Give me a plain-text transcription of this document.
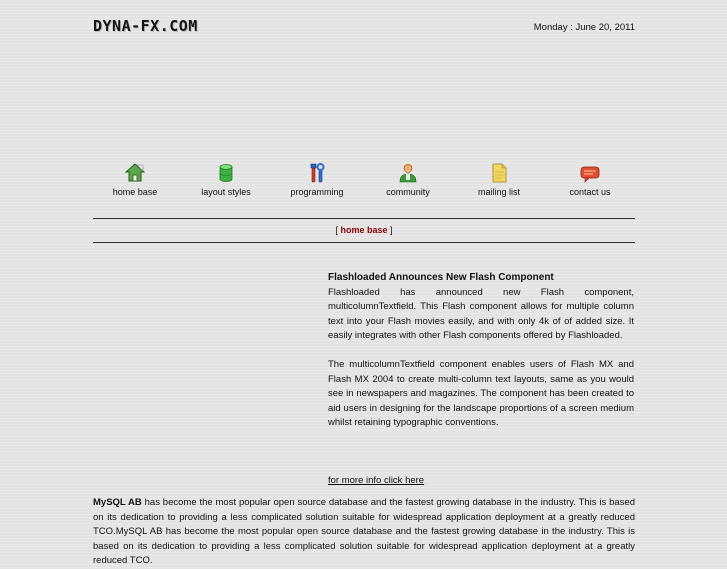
DYNA-FX.COM	Monday : June 20, 2011
home base	layout styles	programming	community	mailing list	contact us
[ home base ]
Flashloaded Announces New Flash Component

Flashloaded has announced new Flash component, multicolumnTextfield. This Flash component allows for multiple column text into your Flash movies easily, and with only 4k of of added size. It easily integrates with other Flash components offered by Flashloaded.

The multicolumnTextfield component enables users of Flash MX and Flash MX 2004 to create multi-column text layouts, same as you would see in newspapers and magazines. The component has been created to aid users in designing for the landscape proportions of a screen medium whilst retaining typographic conventions.

for more info click here
MySQL AB has become the most popular open source database and the fastest growing database in the industry. This is based on its dedication to providing a less complicated solution suitable for widespread application deployment at a greatly reduced TCO.MySQL AB has become the most popular open source database and the fastest growing database in the industry. This is based on its dedication to providing a less complicated solution suitable for widespread application deployment at a greatly reduced TCO.
